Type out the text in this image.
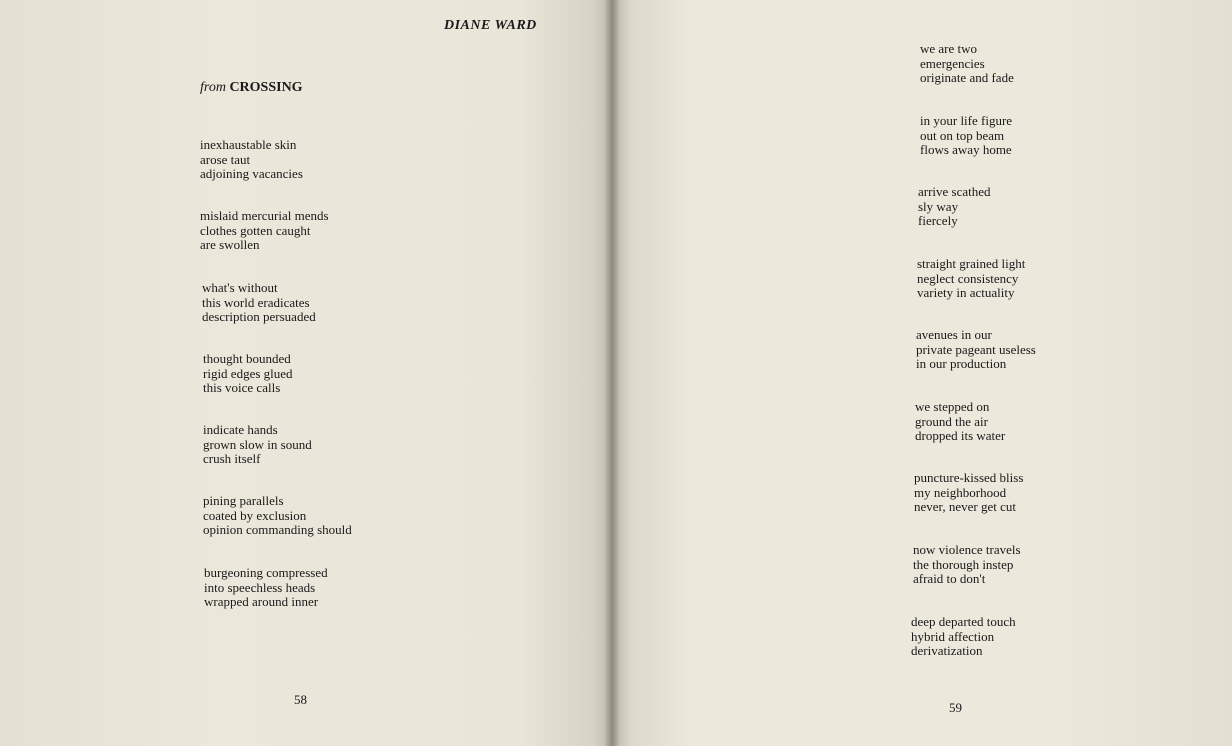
DIANE WARD
from CROSSING
inexhaustable skin
arose taut
adjoining vacancies
mislaid mercurial mends
clothes gotten caught
are swollen
what's without
this world eradicates
description persuaded
thought bounded
rigid edges glued
this voice calls
indicate hands
grown slow in sound
crush itself
pining parallels
coated by exclusion
opinion commanding should
burgeoning compressed
into speechless heads
wrapped around inner
58
we are two
emergencies
originate and fade
in your life figure
out on top beam
flows away home
arrive scathed
sly way
fiercely
straight grained light
neglect consistency
variety in actuality
avenues in our
private pageant useless
in our production
we stepped on
ground the air
dropped its water
puncture-kissed bliss
my neighborhood
never, never get cut
now violence travels
the thorough instep
afraid to don't
deep departed touch
hybrid affection
derivatization
59
